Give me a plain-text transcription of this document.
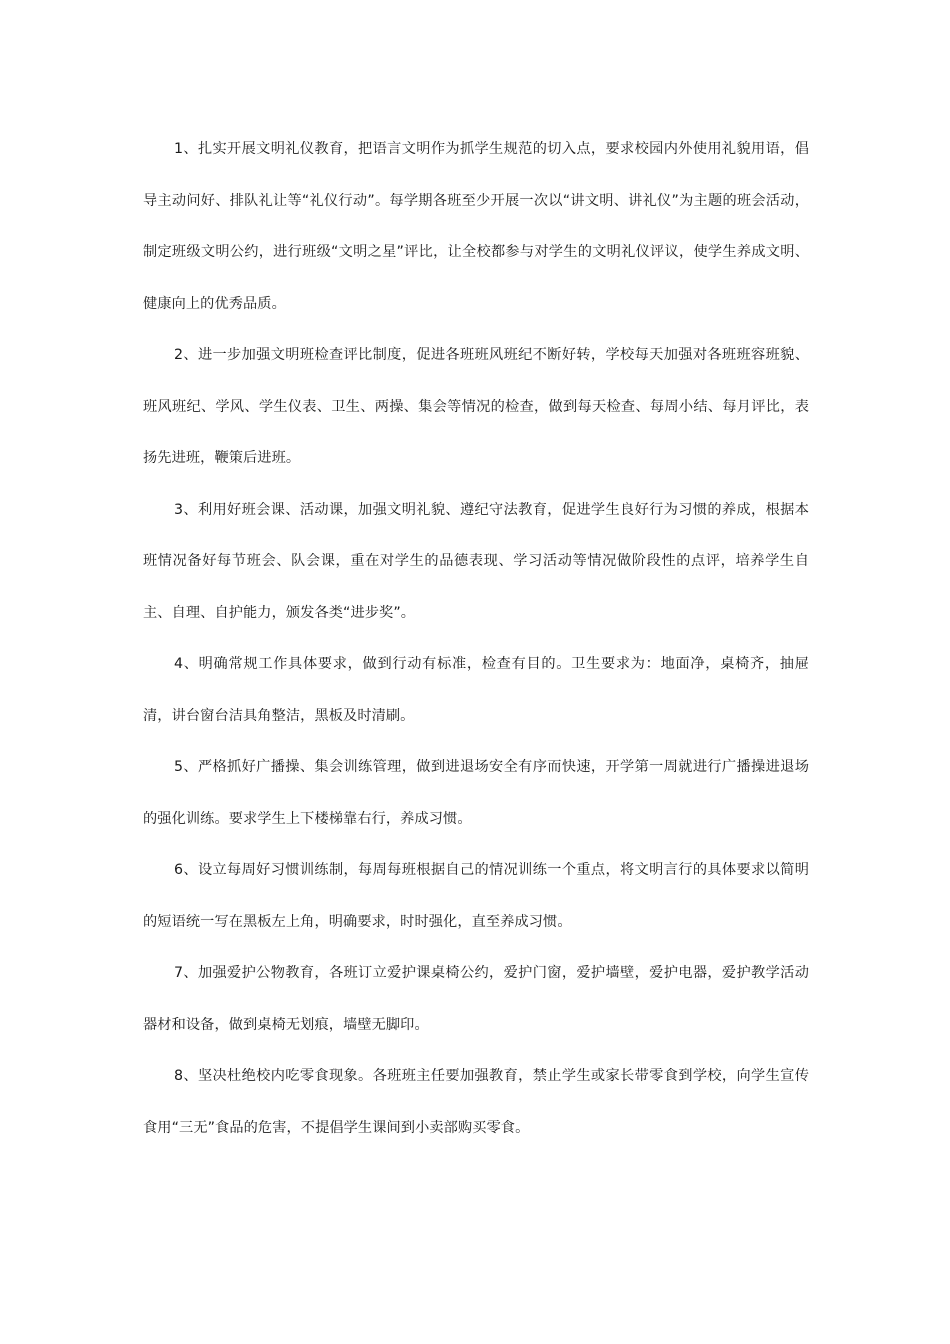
1、扎实开展文明礼仪教育，把语言文明作为抓学生规范的切入点，要求校园内外使用礼貌用语，倡导主动问好、排队礼让等“礼仪行动”。每学期各班至少开展一次以“讲文明、讲礼仪”为主题的班会活动，制定班级文明公约，进行班级“文明之星”评比，让全校都参与对学生的文明礼仪评议，使学生养成文明、健康向上的优秀品质。

2、进一步加强文明班检查评比制度，促进各班班风班纪不断好转，学校每天加强对各班班容班貌、班风班纪、学风、学生仪表、卫生、两操、集会等情况的检查，做到每天检查、每周小结、每月评比，表扬先进班，鞭策后进班。

3、利用好班会课、活动课，加强文明礼貌、遵纪守法教育，促进学生良好行为习惯的养成，根据本班情况备好每节班会、队会课，重在对学生的品德表现、学习活动等情况做阶段性的点评，培养学生自主、自理、自护能力，颁发各类“进步奖”。

4、明确常规工作具体要求，做到行动有标准，检查有目的。卫生要求为：地面净，桌椅齐，抽屉清，讲台窗台洁具角整洁，黑板及时清刷。

5、严格抓好广播操、集会训练管理，做到进退场安全有序而快速，开学第一周就进行广播操进退场的强化训练。要求学生上下楼梯靠右行，养成习惯。

6、设立每周好习惯训练制，每周每班根据自己的情况训练一个重点，将文明言行的具体要求以简明的短语统一写在黑板左上角，明确要求，时时强化，直至养成习惯。

7、加强爱护公物教育，各班订立爱护课桌椅公约，爱护门窗，爱护墙壁，爱护电器，爱护教学活动器材和设备，做到桌椅无划痕，墙壁无脚印。

8、坚决杜绝校内吃零食现象。各班班主任要加强教育，禁止学生或家长带零食到学校，向学生宣传食用“三无”食品的危害，不提倡学生课间到小卖部购买零食。
